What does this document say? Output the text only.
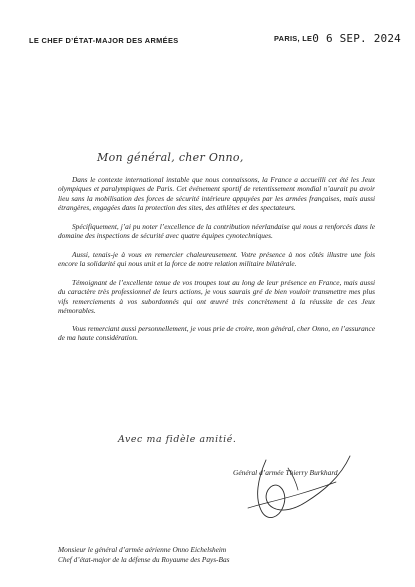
LE CHEF D’ÉTAT-MAJOR DES ARMÉES	PARIS, LE0 6 SEP. 2024
Mon général, cher Onno,

Dans le contexte international instable que nous connaissons, la France a accueilli cet été les Jeux olympiques et paralympiques de Paris. Cet événement sportif de retentissement mondial n’aurait pu avoir lieu sans la mobilisation des forces de sécurité intérieure appuyées par les armées françaises, mais aussi étrangères, engagées dans la protection des sites, des athlètes et des spectateurs.

Spécifiquement, j’ai pu noter l’excellence de la contribution néerlandaise qui nous a renforcés dans le domaine des inspections de sécurité avec quatre équipes cynotechniques.

Aussi, tenais-je à vous en remercier chaleureusement. Votre présence à nos côtés illustre une fois encore la solidarité qui nous unit et la force de notre relation militaire bilatérale.

Témoignant de l’excellente tenue de vos troupes tout au long de leur présence en France, mais aussi du caractère très professionnel de leurs actions, je vous saurais gré de bien vouloir transmettre mes plus vifs remerciements à vos subordonnés qui ont œuvré très concrètement à la réussite de ces Jeux mémorables.

Vous remerciant aussi personnellement, je vous prie de croire, mon général, cher Onno, en l’assurance de ma haute considération.

Avec ma fidèle amitié.
Général d’armée Thierry Burkhard
Monsieur le général d’armée aérienne Onno Eichelsheim
Chef d’état-major de la défense du Royaume des Pays-Bas
